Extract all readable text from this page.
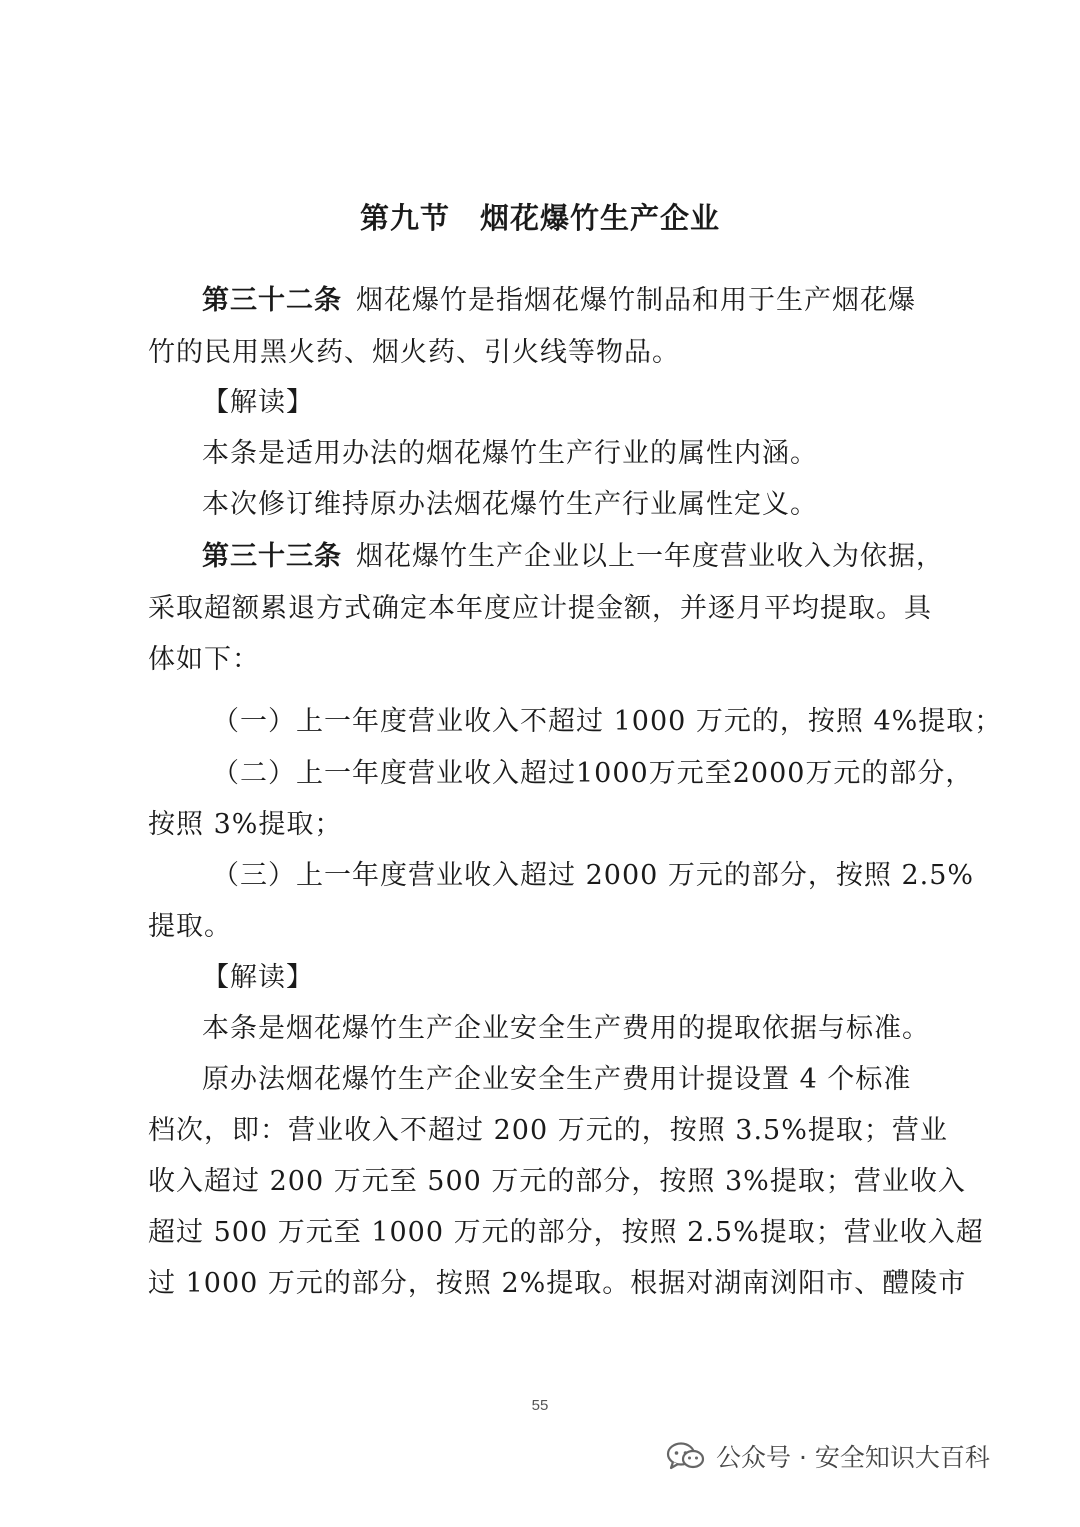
第九节　烟花爆竹生产企业
第三十二条 烟花爆竹是指烟花爆竹制品和用于生产烟花爆
竹的民用黑火药、烟火药、引火线等物品。
【解读】
本条是适用办法的烟花爆竹生产行业的属性内涵。
本次修订维持原办法烟花爆竹生产行业属性定义。
第三十三条 烟花爆竹生产企业以上一年度营业收入为依据，
采取超额累退方式确定本年度应计提金额，并逐月平均提取。具
体如下：
（一）上一年度营业收入不超过 1000 万元的，按照 4%提取；
（二）上一年度营业收入超过1000万元至2000万元的部分，
按照 3%提取；
（三）上一年度营业收入超过 2000 万元的部分，按照 2.5%
提取。
【解读】
本条是烟花爆竹生产企业安全生产费用的提取依据与标准。
原办法烟花爆竹生产企业安全生产费用计提设置 4 个标准
档次，即：营业收入不超过 200 万元的，按照 3.5%提取；营业
收入超过 200 万元至 500 万元的部分，按照 3%提取；营业收入
超过 500 万元至 1000 万元的部分，按照 2.5%提取；营业收入超
过 1000 万元的部分，按照 2%提取。根据对湖南浏阳市、醴陵市
55
公众号 · 安全知识大百科
